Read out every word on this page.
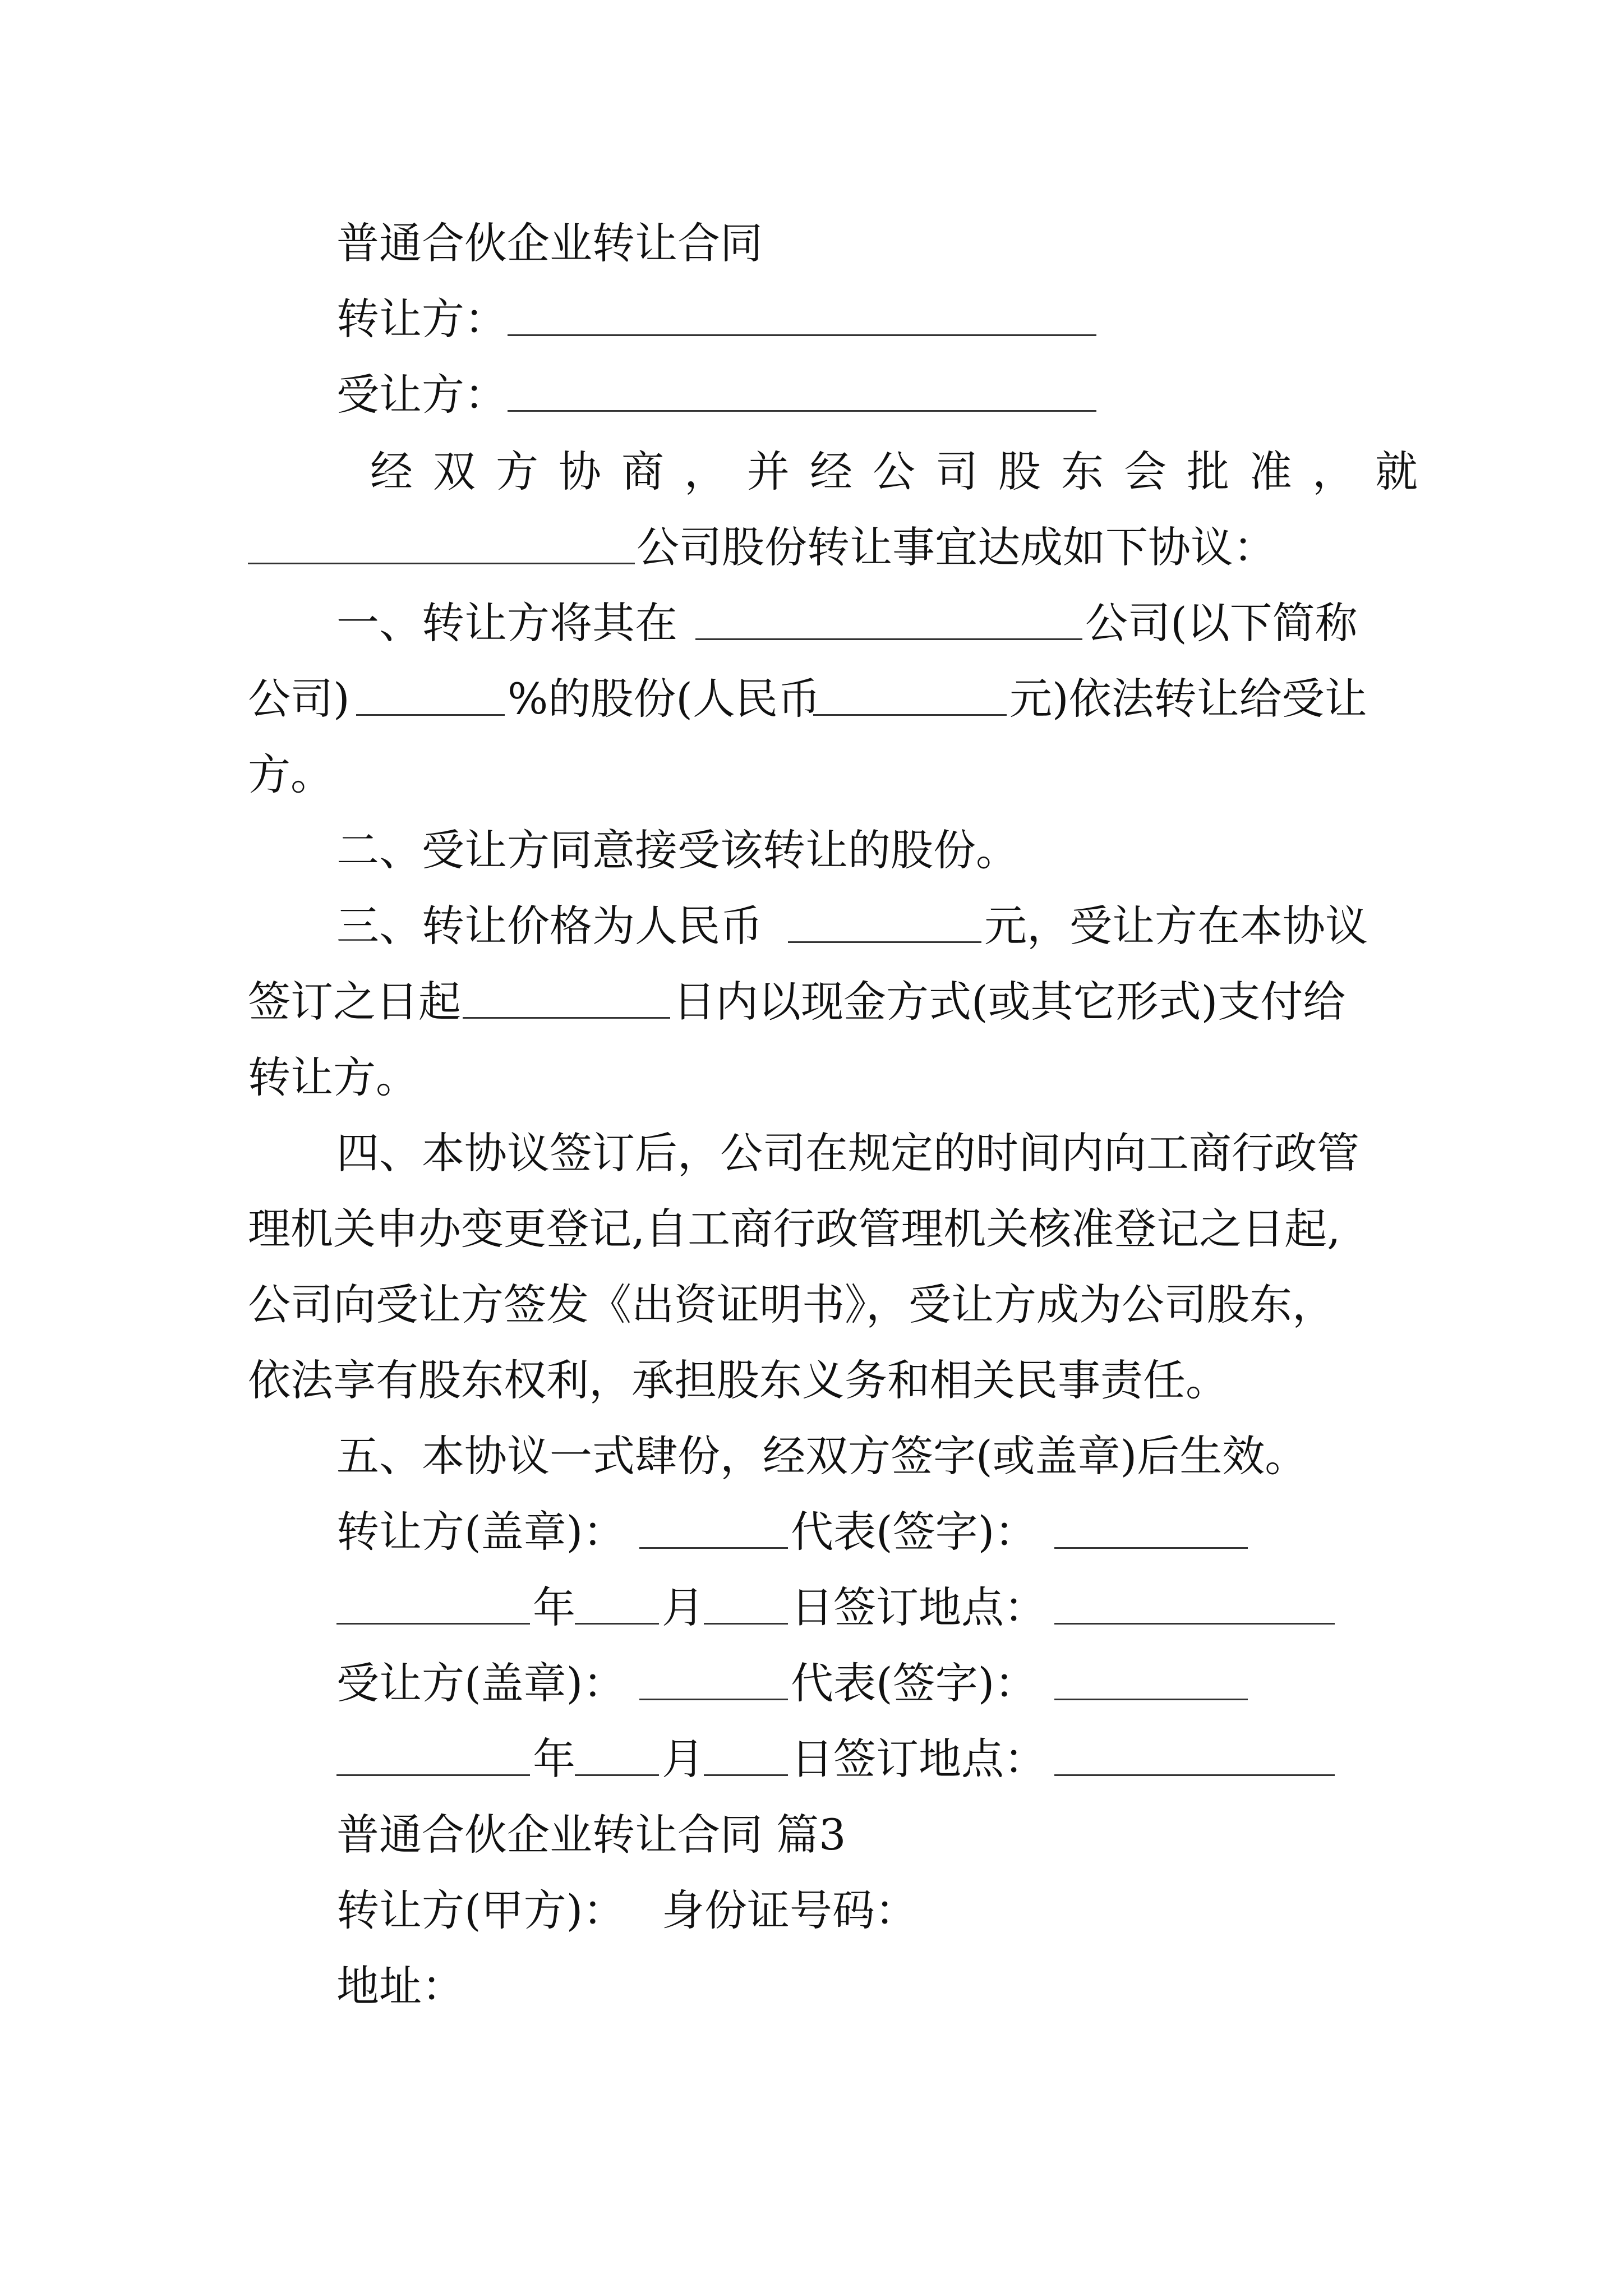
普通合伙企业转让合同
转让方：
受让方：
经双方协商，并经公司股东会批准，就
公司股份转让事宜达成如下协议：
一、转让方将其在	公司(以下简称
公司)	%的股份(人民币	元)依法转让给受让
方。
二、受让方同意接受该转让的股份。
三、转让价格为人民币	元，受让方在本协议
签订之日起	日内以现金方式(或其它形式)支付给
转让方。
四、本协议签订后，公司在规定的时间内向工商行政管
理机关申办变更登记,自工商行政管理机关核准登记之日起,
公司向受让方签发《出资证明书》，受让方成为公司股东，
依法享有股东权利，承担股东义务和相关民事责任。
五、本协议一式肆份，经双方签字(或盖章)后生效。
转让方(盖章)：	代表(签字)：
年 月 日签订地点：
受让方(盖章)：	代表(签字)：
年 月 日签订地点：
普通合伙企业转让合同 篇3
转让方(甲方)： 身份证号码：
地址：
